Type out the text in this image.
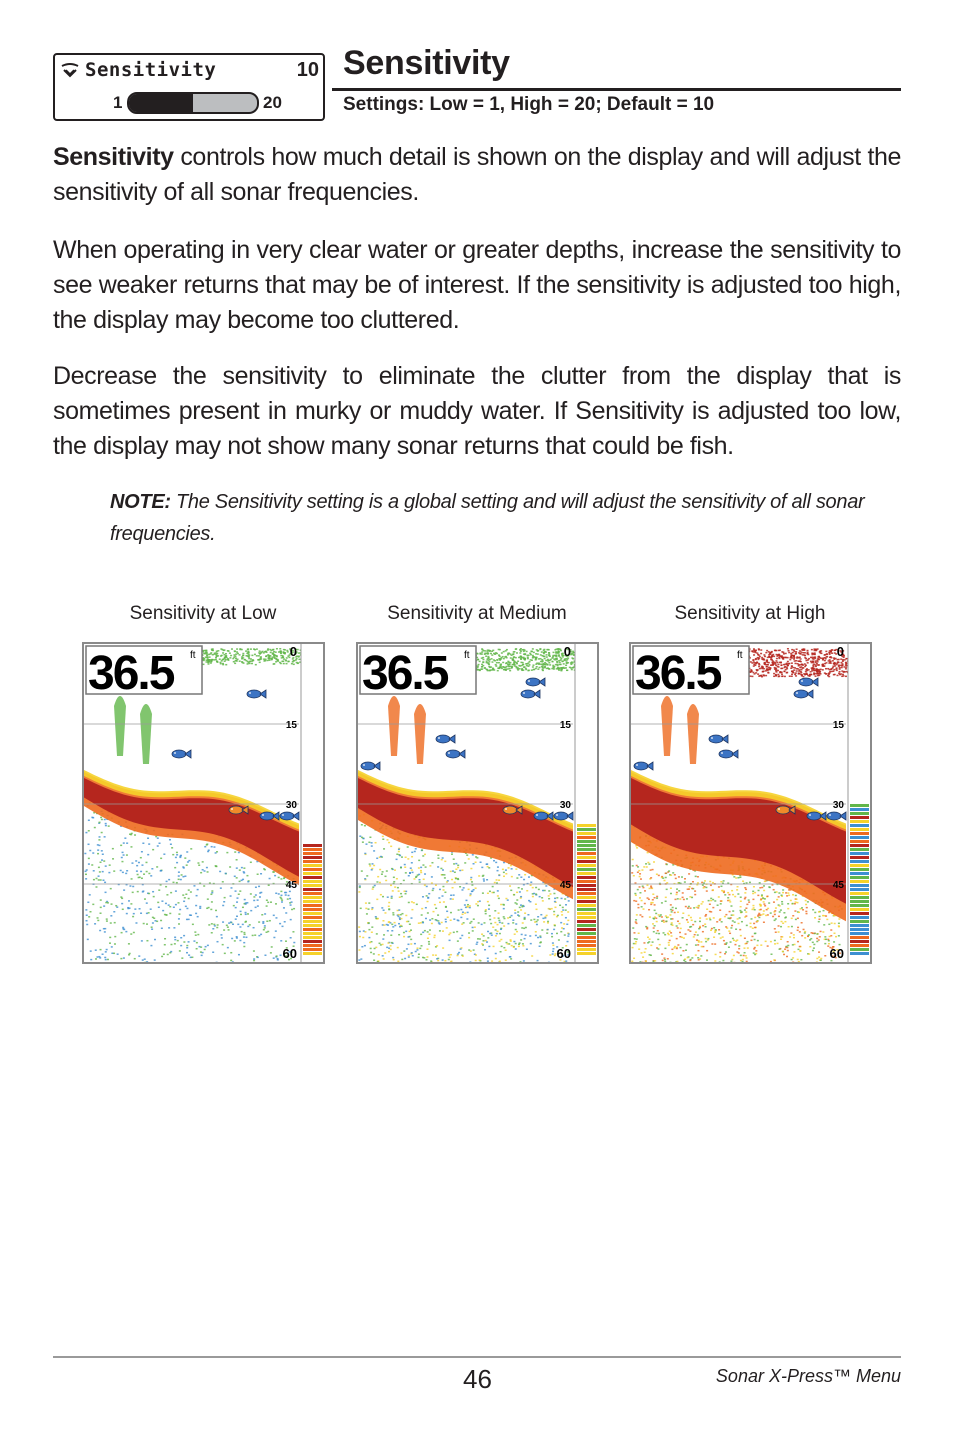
Sensitivity	10
1	20
Sensitivity
Settings: Low = 1, High = 20; Default = 10

Sensitivity controls how much detail is shown on the display and will adjust the sensitivity of all sonar frequencies.

When operating in very clear water or greater depths, increase the sensitivity to see weaker returns that may be of interest. If the sensitivity is adjusted too high, the display may become too cluttered.

Decrease the sensitivity to eliminate the clutter from the display that is sometimes present in murky or muddy water. If Sensitivity is adjusted too low, the display may not show many sonar returns that could be fish.

NOTE: The Sensitivity setting is a global setting and will adjust the sensitivity of all sonar frequencies.
Sensitivity at Low	Sensitivity at Medium	Sensitivity at High
0
15
30
45
60
36.5 ft	0
15
30
45
60
36.5 ft	0
15
30
45
60
36.5 ft
46	Sonar X-Press™ Menu
